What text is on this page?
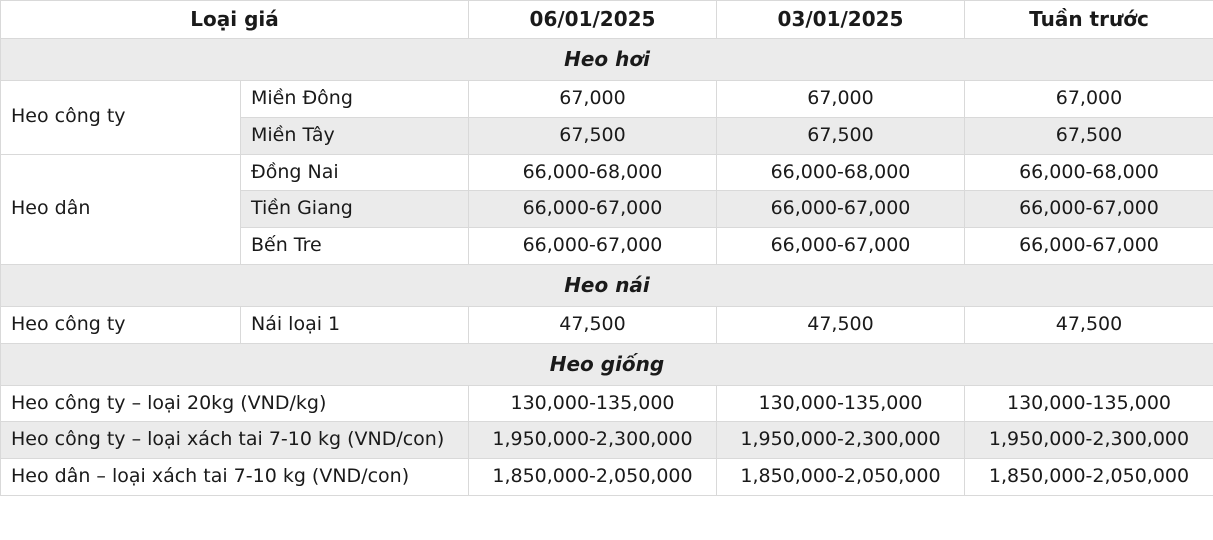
Loại giá		06/01/2025	03/01/2025	Tuần trước
Heo hơi				
Heo công ty	Miền Đông	67,000	67,000	67,000
	Miền Tây	67,500	67,500	67,500
Heo dân	Đồng Nai	66,000-68,000	66,000-68,000	66,000-68,000
	Tiền Giang	66,000-67,000	66,000-67,000	66,000-67,000
	Bến Tre	66,000-67,000	66,000-67,000	66,000-67,000
Heo nái				
Heo công ty	Nái loại 1	47,500	47,500	47,500
Heo giống				
Heo công ty – loại 20kg (VND/kg)		130,000-135,000	130,000-135,000	130,000-135,000
Heo công ty – loại xách tai 7-10 kg (VND/con)		1,950,000-2,300,000	1,950,000-2,300,000	1,950,000-2,300,000
Heo dân – loại xách tai 7-10 kg (VND/con)		1,850,000-2,050,000	1,850,000-2,050,000	1,850,000-2,050,000
